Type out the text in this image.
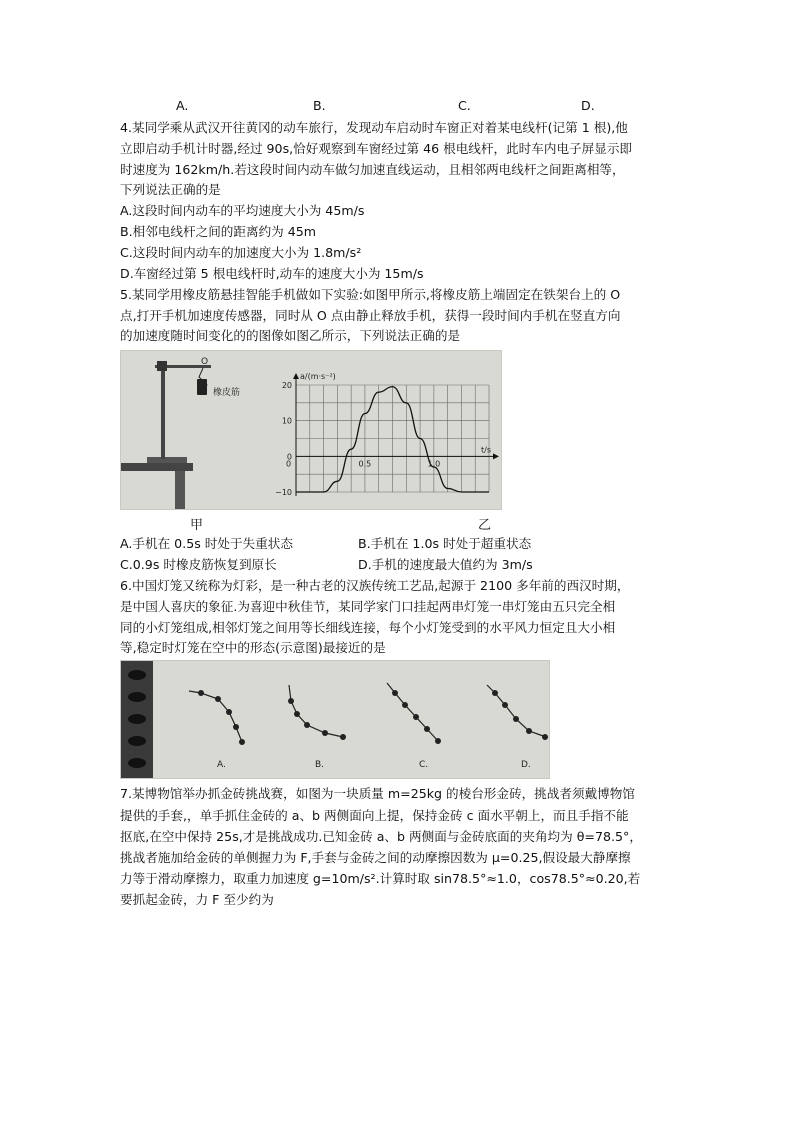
A.	B.	C.	D.
4.某同学乘从武汉开往黄冈的动车旅行，发现动车启动时车窗正对着某电线杆(记第 1 根),他
立即启动手机计时器,经过 90s,恰好观察到车窗经过第 46 根电线杆，此时车内电子屏显示即
时速度为 162km/h.若这段时间内动车做匀加速直线运动，且相邻两电线杆之间距离相等，
下列说法正确的是
A.这段时间内动车的平均速度大小为 45m/s
B.相邻电线杆之间的距离约为 45m
C.这段时间内动车的加速度大小为 1.8m/s²
D.车窗经过第 5 根电线杆时,动车的速度大小为 15m/s
5.某同学用橡皮筋悬挂智能手机做如下实验:如图甲所示,将橡皮筋上端固定在铁架台上的 O
点,打开手机加速度传感器，同时从 O 点由静止释放手机，获得一段时间内手机在竖直方向
的加速度随时间变化的的图像如图乙所示，下列说法正确的是
O
橡皮筋
20
10
0
−10
0	0.5	1.0
a/(m·s⁻²)
t/s
甲	乙
A.手机在 0.5s 时处于失重状态	B.手机在 1.0s 时处于超重状态
C.0.9s 时橡皮筋恢复到原长	D.手机的速度最大值约为 3m/s
6.中国灯笼又统称为灯彩，是一种古老的汉族传统工艺品,起源于 2100 多年前的西汉时期，
是中国人喜庆的象征.为喜迎中秋佳节，某同学家门口挂起两串灯笼一串灯笼由五只完全相
同的小灯笼组成,相邻灯笼之间用等长细线连接，每个小灯笼受到的水平风力恒定且大小相
等,稳定时灯笼在空中的形态(示意图)最接近的是
A.	B.	C.	D.
7.某博物馆举办抓金砖挑战赛，如图为一块质量 m=25kg 的棱台形金砖，挑战者须戴博物馆
提供的手套,，单手抓住金砖的 a、b 两侧面向上提，保持金砖 c 面水平朝上，而且手指不能
抠底,在空中保持 25s,才是挑战成功.已知金砖 a、b 两侧面与金砖底面的夹角均为 θ=78.5°，
挑战者施加给金砖的单侧握力为 F,手套与金砖之间的动摩擦因数为 μ=0.25,假设最大静摩擦
力等于滑动摩擦力，取重力加速度 g=10m/s².计算时取 sin78.5°≈1.0，cos78.5°≈0.20,若
要抓起金砖，力 F 至少约为
